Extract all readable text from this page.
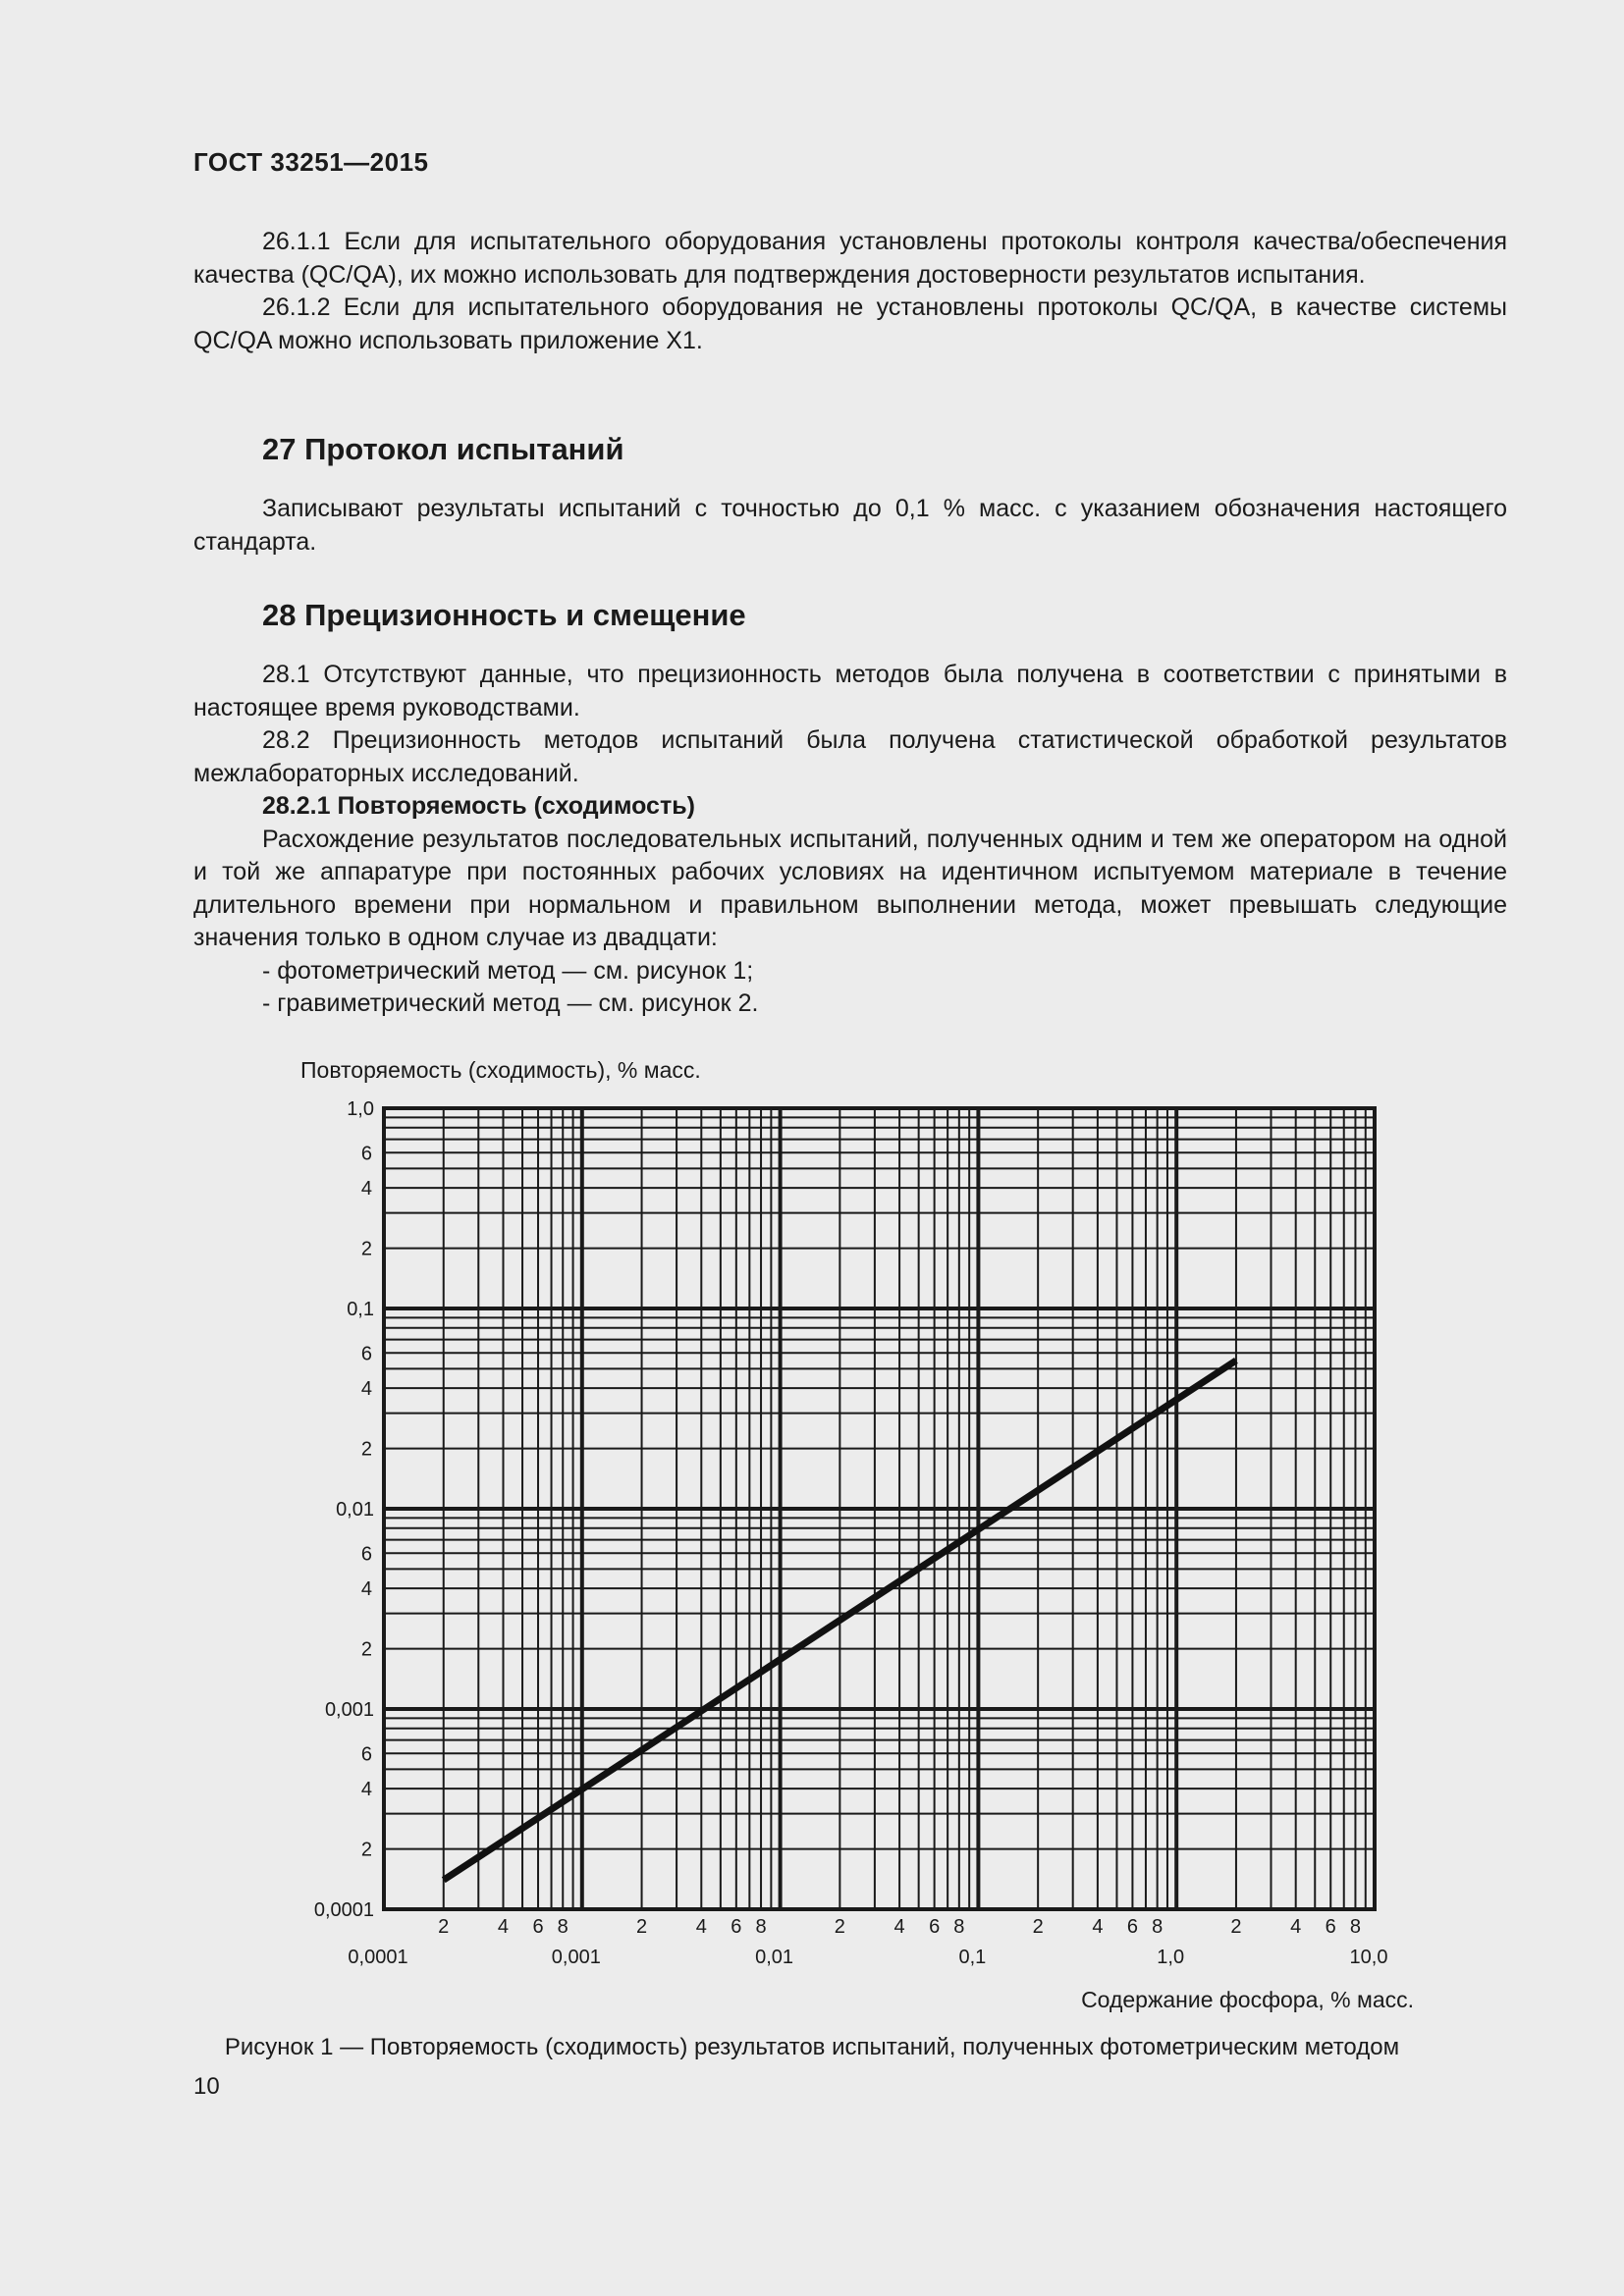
ГОСТ 33251—2015

26.1.1 Если для испытательного оборудования установлены протоколы контроля качества/обеспечения качества (QC/QA), их можно использовать для подтверждения достоверности результатов испытания.

26.1.2 Если для испытательного оборудования не установлены протоколы QC/QA, в качестве системы QC/QA можно использовать приложение X1.

27 Протокол испытаний

Записывают результаты испытаний с точностью до 0,1 % масс. с указанием обозначения настоящего стандарта.

28 Прецизионность и смещение

28.1 Отсутствуют данные, что прецизионность методов была получена в соответствии с принятыми в настоящее время руководствами.

28.2 Прецизионность методов испытаний была получена статистической обработкой результатов межлабораторных исследований.

28.2.1 Повторяемость (сходимость)

Расхождение результатов последовательных испытаний, полученных одним и тем же оператором на одной и той же аппаратуре при постоянных рабочих условиях на идентичном испытуемом материале в течение длительного времени при нормальном и правильном выполнении метода, может превышать следующие значения только в одном случае из двадцати:

- фотометрический метод — см. рисунок 1;

- гравиметрический метод — см. рисунок 2.

0,0001
0,001
0,01
0,1
1,0
2
4
6
2
4
6
2
4
6
2
4
6
0,0001	0,001	0,01	0,1	1,0	10,0
2 4 6 8	2 4 6 8	2 4 6 8	2 4 6 8	2 4 6 8
Повторяемость (сходимость), % масс.
Содержание фосфора, % масс.
Рисунок 1 — Повторяемость (сходимость) результатов испытаний, полученных фотометрическим методом
10
